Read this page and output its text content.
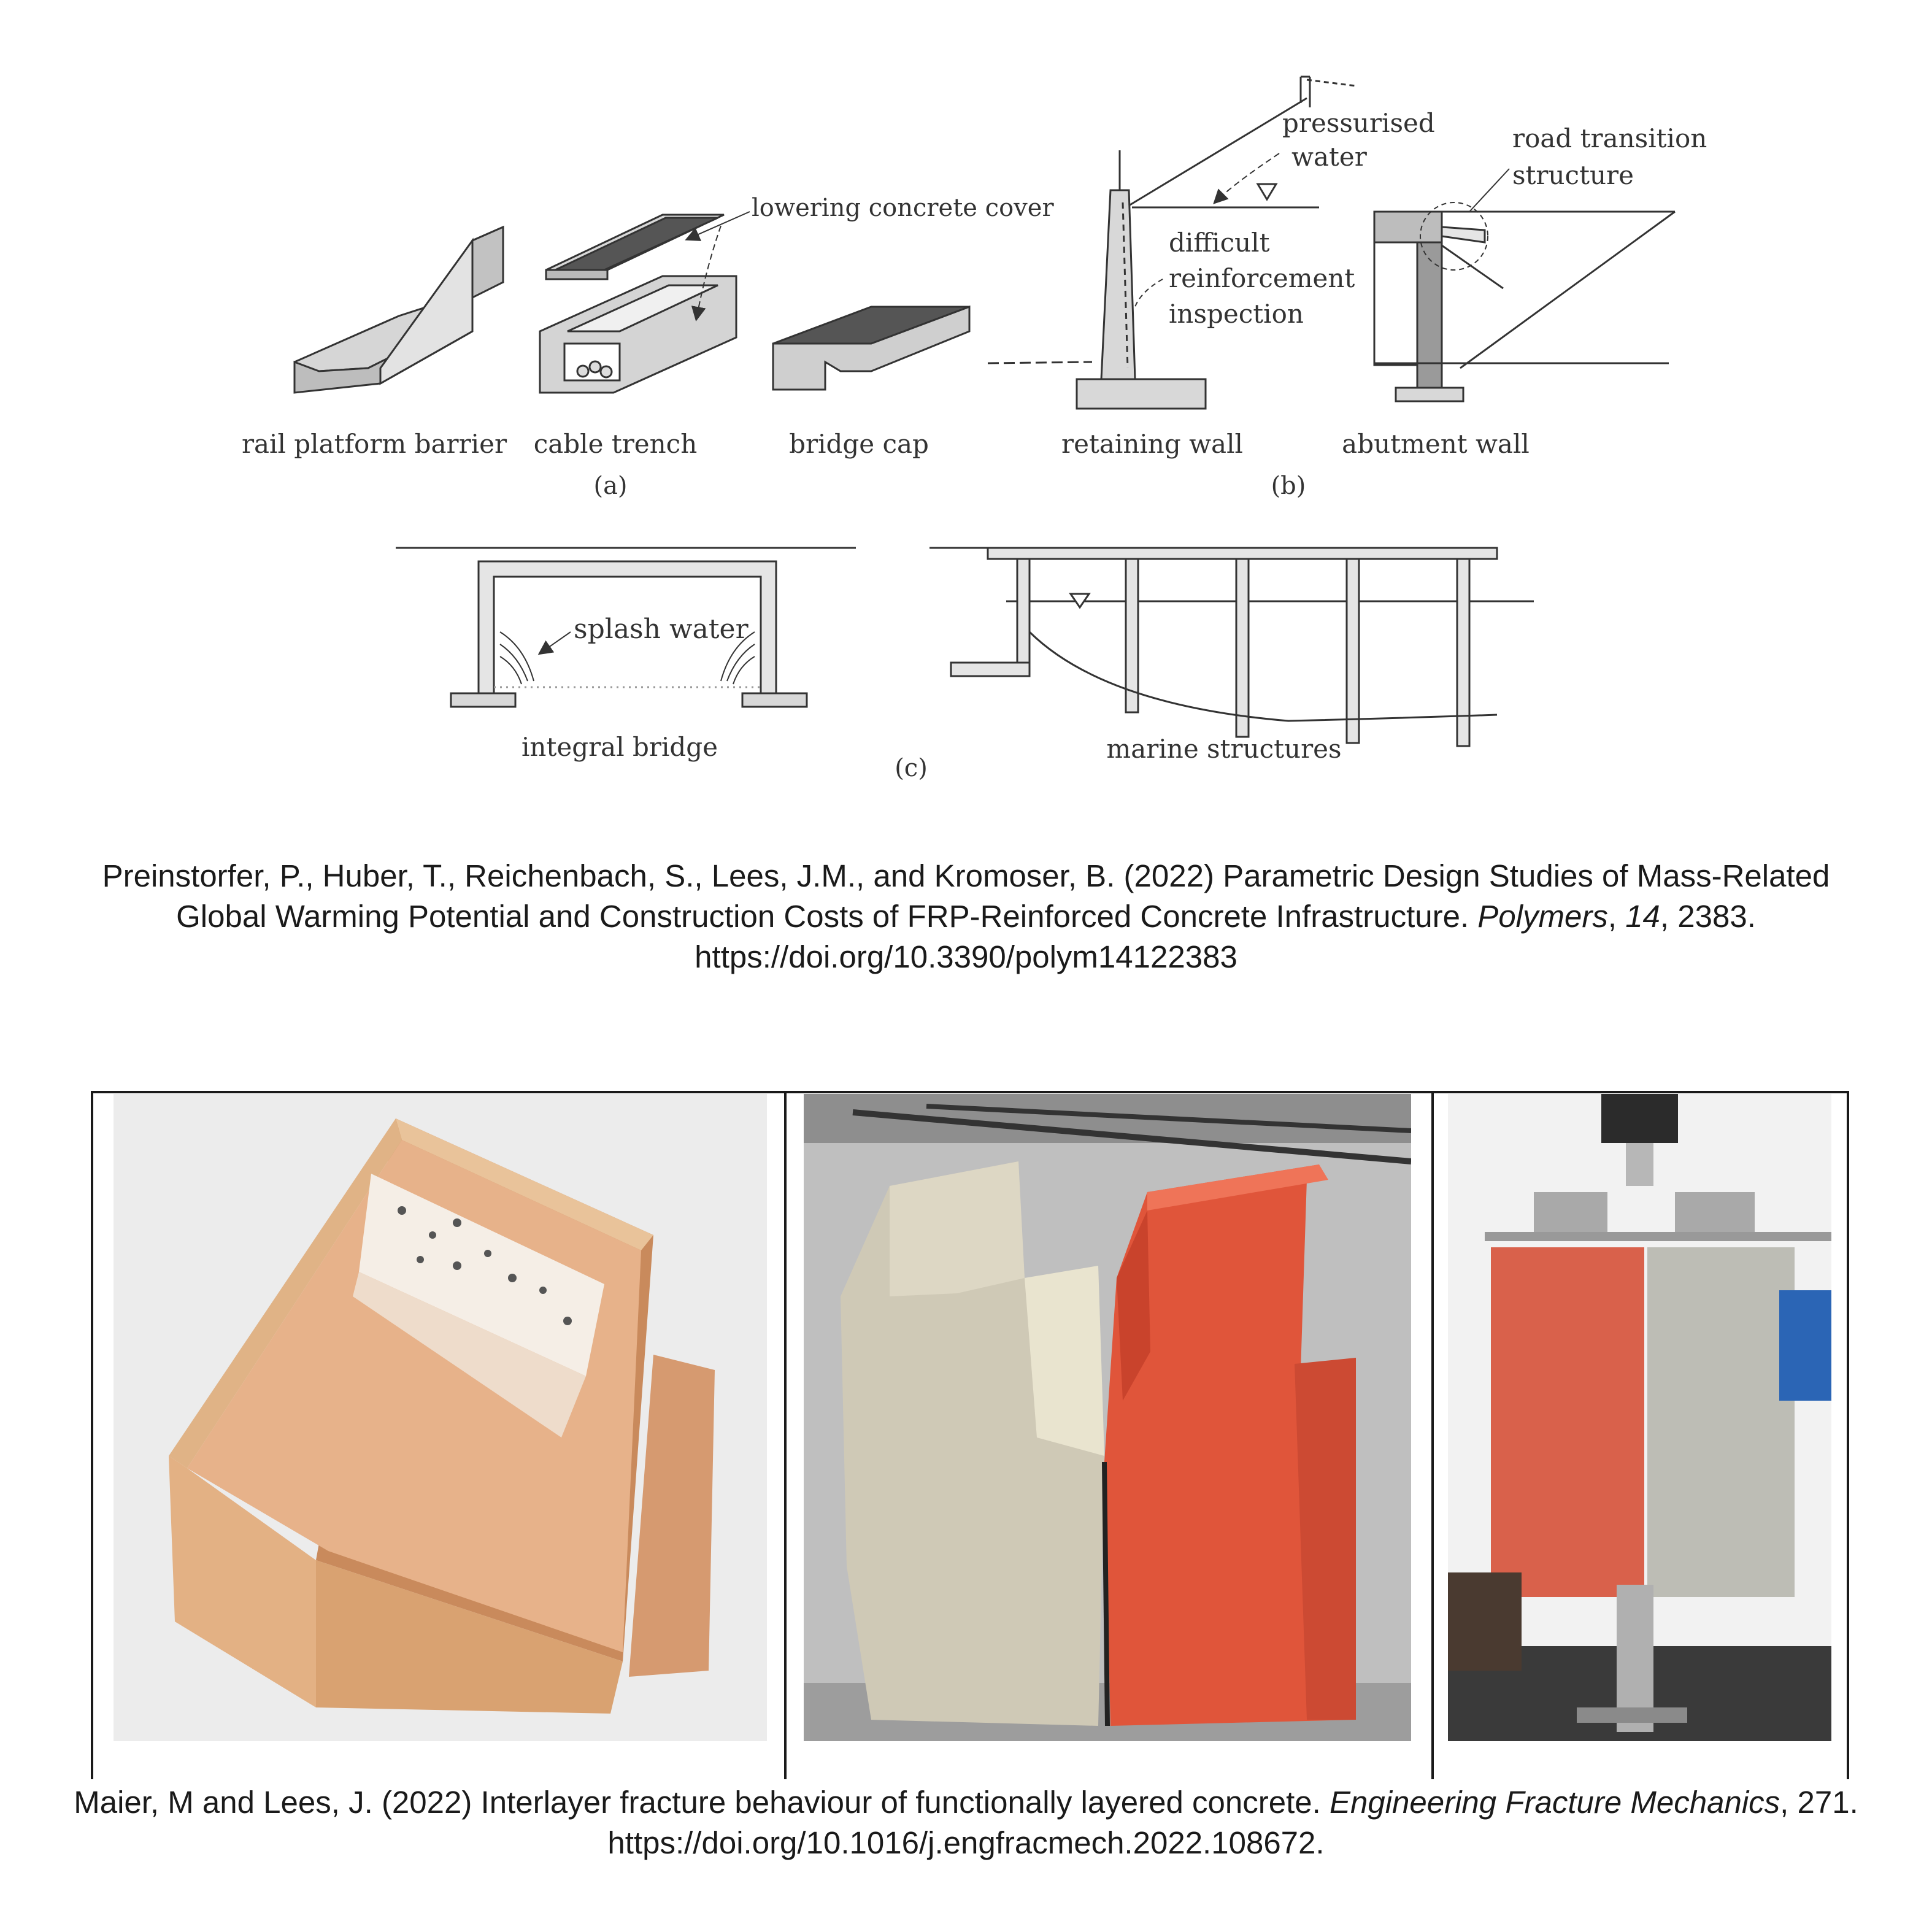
lowering concrete cover
pressurised
water
difficult
reinforcement
inspection
road transition
structure
rail platform barrier cable trench	bridge cap	retaining wall	abutment wall
(a)	(b)
splash water
integral bridge	marine structures
(c)
Preinstorfer, P., Huber, T., Reichenbach, S., Lees, J.M., and Kromoser, B. (2022) Parametric Design Studies of Mass-Related Global Warming Potential and Construction Costs of FRP-Reinforced Concrete Infrastructure. Polymers, 14, 2383. https://doi.org/10.3390/polym14122383
Maier, M and Lees, J. (2022) Interlayer fracture behaviour of functionally layered concrete. Engineering Fracture Mechanics, 271. https://doi.org/10.1016/j.engfracmech.2022.108672.
